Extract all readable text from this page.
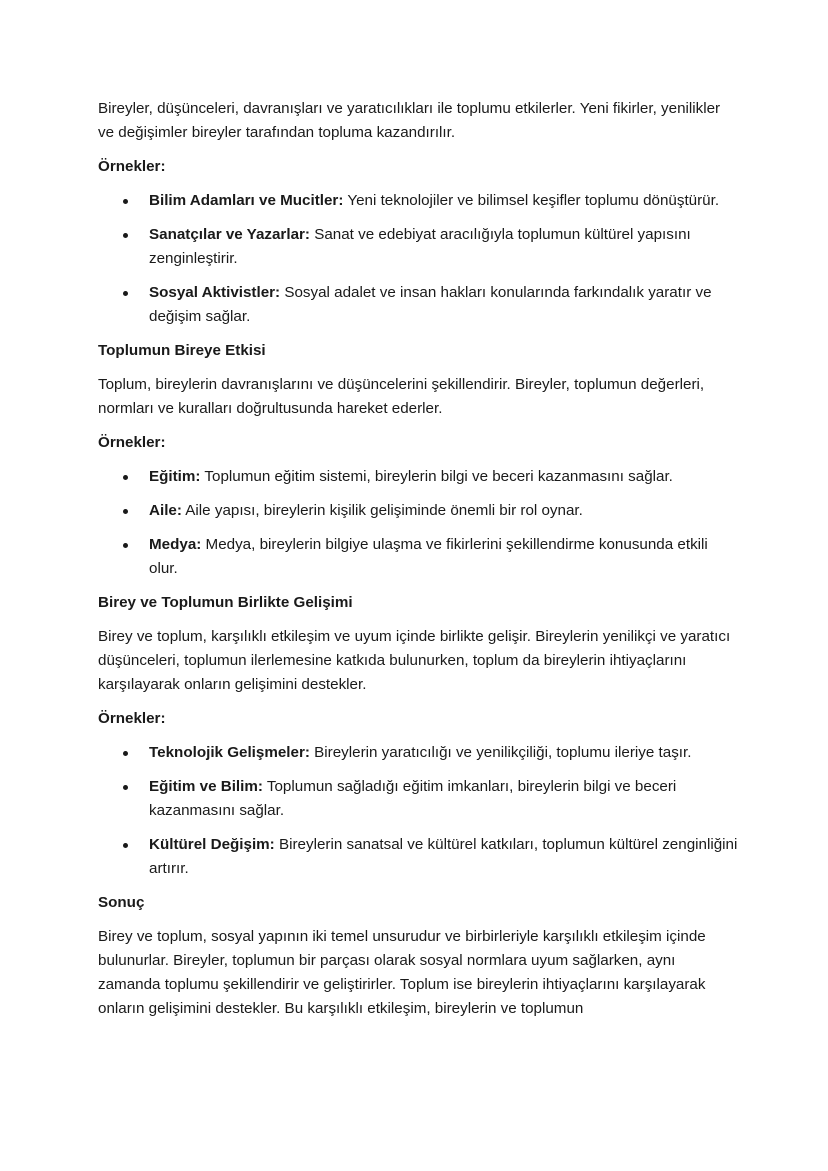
Bireyler, düşünceleri, davranışları ve yaratıcılıkları ile toplumu etkilerler. Yeni fikirler, yenilikler ve değişimler bireyler tarafından topluma kazandırılır.

Örnekler:

Bilim Adamları ve Mucitler: Yeni teknolojiler ve bilimsel keşifler toplumu dönüştürür.
Sanatçılar ve Yazarlar: Sanat ve edebiyat aracılığıyla toplumun kültürel yapısını zenginleştirir.
Sosyal Aktivistler: Sosyal adalet ve insan hakları konularında farkındalık yaratır ve değişim sağlar.

Toplumun Bireye Etkisi

Toplum, bireylerin davranışlarını ve düşüncelerini şekillendirir. Bireyler, toplumun değerleri, normları ve kuralları doğrultusunda hareket ederler.

Örnekler:

Eğitim: Toplumun eğitim sistemi, bireylerin bilgi ve beceri kazanmasını sağlar.
Aile: Aile yapısı, bireylerin kişilik gelişiminde önemli bir rol oynar.
Medya: Medya, bireylerin bilgiye ulaşma ve fikirlerini şekillendirme konusunda etkili olur.

Birey ve Toplumun Birlikte Gelişimi

Birey ve toplum, karşılıklı etkileşim ve uyum içinde birlikte gelişir. Bireylerin yenilikçi ve yaratıcı düşünceleri, toplumun ilerlemesine katkıda bulunurken, toplum da bireylerin ihtiyaçlarını karşılayarak onların gelişimini destekler.

Örnekler:

Teknolojik Gelişmeler: Bireylerin yaratıcılığı ve yenilikçiliği, toplumu ileriye taşır.
Eğitim ve Bilim: Toplumun sağladığı eğitim imkanları, bireylerin bilgi ve beceri kazanmasını sağlar.
Kültürel Değişim: Bireylerin sanatsal ve kültürel katkıları, toplumun kültürel zenginliğini artırır.

Sonuç

Birey ve toplum, sosyal yapının iki temel unsurudur ve birbirleriyle karşılıklı etkileşim içinde bulunurlar. Bireyler, toplumun bir parçası olarak sosyal normlara uyum sağlarken, aynı zamanda toplumu şekillendirir ve geliştirirler. Toplum ise bireylerin ihtiyaçlarını karşılayarak onların gelişimini destekler. Bu karşılıklı etkileşim, bireylerin ve toplumun
